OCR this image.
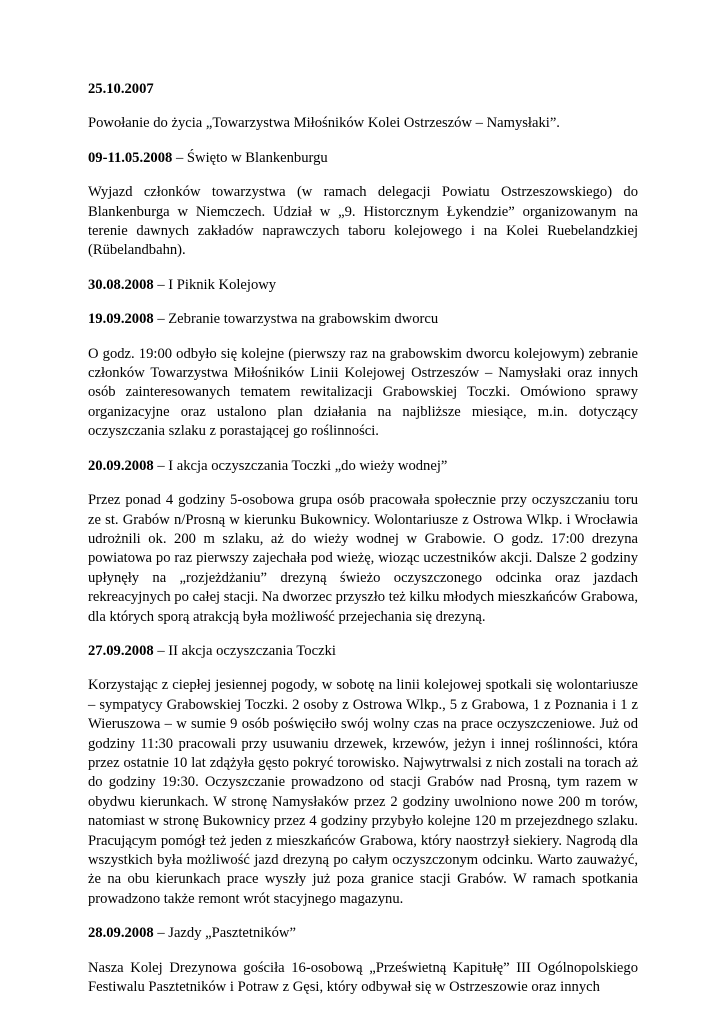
25.10.2007

Powołanie do życia „Towarzystwa Miłośników Kolei Ostrzeszów – Namysłaki”.

09-11.05.2008 – Święto w Blankenburgu

Wyjazd członków towarzystwa (w ramach delegacji Powiatu Ostrzeszowskiego) do Blankenburga w Niemczech. Udział w „9. Historcznym Łykendzie” organizowanym na terenie dawnych zakładów naprawczych taboru kolejowego i na Kolei Ruebelandzkiej (Rübelandbahn).

30.08.2008 – I Piknik Kolejowy

19.09.2008 – Zebranie towarzystwa na grabowskim dworcu

O godz. 19:00 odbyło się kolejne (pierwszy raz na grabowskim dworcu kolejowym) zebranie członków Towarzystwa Miłośników Linii Kolejowej Ostrzeszów – Namysłaki oraz innych osób zainteresowanych tematem rewitalizacji Grabowskiej Toczki. Omówiono sprawy organizacyjne oraz ustalono plan działania na najbliższe miesiące, m.in. dotyczący oczyszczania szlaku z porastającej go roślinności.

20.09.2008 – I akcja oczyszczania Toczki „do wieży wodnej”

Przez ponad 4 godziny 5-osobowa grupa osób pracowała społecznie przy oczyszczaniu toru ze st. Grabów n/Prosną w kierunku Bukownicy. Wolontariusze z Ostrowa Wlkp. i Wrocławia udrożnili ok. 200 m szlaku, aż do wieży wodnej w Grabowie. O godz. 17:00 drezyna powiatowa po raz pierwszy zajechała pod wieżę, wioząc uczestników akcji. Dalsze 2 godziny upłynęły na „rozjeżdżaniu” drezyną świeżo oczyszczonego odcinka oraz jazdach rekreacyjnych po całej stacji. Na dworzec przyszło też kilku młodych mieszkańców Grabowa, dla których sporą atrakcją była możliwość przejechania się drezyną.

27.09.2008 – II akcja oczyszczania Toczki

Korzystając z ciepłej jesiennej pogody, w sobotę na linii kolejowej spotkali się wolontariusze – sympatycy Grabowskiej Toczki. 2 osoby z Ostrowa Wlkp., 5 z Grabowa, 1 z Poznania i 1 z Wieruszowa – w sumie 9 osób poświęciło swój wolny czas na prace oczyszczeniowe. Już od godziny 11:30 pracowali przy usuwaniu drzewek, krzewów, jeżyn i innej roślinności, która przez ostatnie 10 lat zdążyła gęsto pokryć torowisko. Najwytrwalsi z nich zostali na torach aż do godziny 19:30. Oczyszczanie prowadzono od stacji Grabów nad Prosną, tym razem w obydwu kierunkach. W stronę Namysłaków przez 2 godziny uwolniono nowe 200 m torów, natomiast w stronę Bukownicy przez 4 godziny przybyło kolejne 120 m przejezdnego szlaku. Pracującym pomógł też jeden z mieszkańców Grabowa, który naostrzył siekiery. Nagrodą dla wszystkich była możliwość jazd drezyną po całym oczyszczonym odcinku. Warto zauważyć, że na obu kierunkach prace wyszły już poza granice stacji Grabów. W ramach spotkania prowadzono także remont wrót stacyjnego magazynu.

28.09.2008 – Jazdy „Pasztetników”

Nasza Kolej Drezynowa gościła 16-osobową „Prześwietną Kapitułę” III Ogólnopolskiego Festiwalu Pasztetników i Potraw z Gęsi, który odbywał się w Ostrzeszowie oraz innych
